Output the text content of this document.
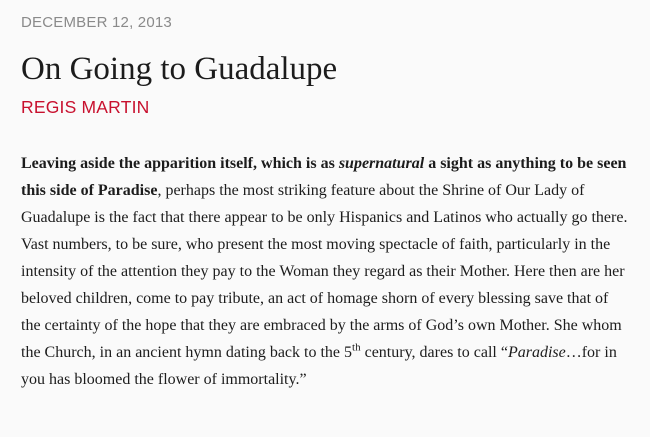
DECEMBER 12, 2013
On Going to Guadalupe
REGIS MARTIN

Leaving aside the apparition itself, which is as supernatural a sight as anything to be seen this side of Paradise, perhaps the most striking feature about the Shrine of Our Lady of Guadalupe is the fact that there appear to be only Hispanics and Latinos who actually go there. Vast numbers, to be sure, who present the most moving spectacle of faith, particularly in the intensity of the attention they pay to the Woman they regard as their Mother. Here then are her beloved children, come to pay tribute, an act of homage shorn of every blessing save that of the certainty of the hope that they are embraced by the arms of God’s own Mother. She whom the Church, in an ancient hymn dating back to the 5th century, dares to call “Paradise…for in you has bloomed the flower of immortality.”
